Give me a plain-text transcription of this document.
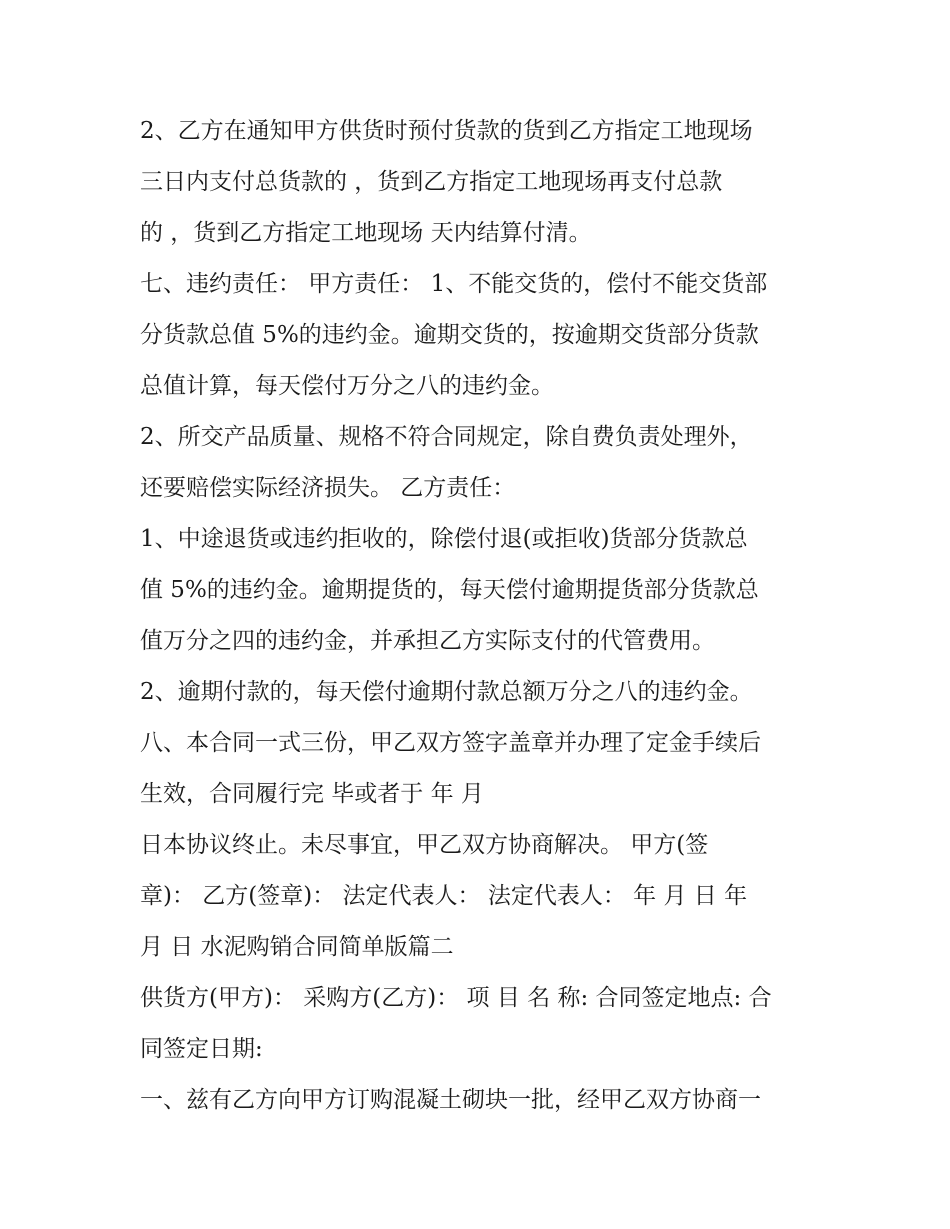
2、乙方在通知甲方供货时预付货款的货到乙方指定工地现场
三日内支付总货款的 ，货到乙方指定工地现场再支付总款
的 ，货到乙方指定工地现场 天内结算付清。
七、违约责任： 甲方责任： 1、不能交货的，偿付不能交货部
分货款总值 5%的违约金。逾期交货的，按逾期交货部分货款
总值计算，每天偿付万分之八的违约金。
2、所交产品质量、规格不符合同规定，除自费负责处理外，
还要赔偿实际经济损失。 乙方责任：
1、中途退货或违约拒收的，除偿付退(或拒收)货部分货款总
值 5%的违约金。逾期提货的，每天偿付逾期提货部分货款总
值万分之四的违约金，并承担乙方实际支付的代管费用。
2、逾期付款的，每天偿付逾期付款总额万分之八的违约金。
八、本合同一式三份，甲乙双方签字盖章并办理了定金手续后
生效，合同履行完 毕或者于 年 月
日本协议终止。未尽事宜，甲乙双方协商解决。 甲方(签
章)： 乙方(签章)： 法定代表人： 法定代表人： 年 月 日 年
月 日 水泥购销合同简单版篇二
供货方(甲方)： 采购方(乙方)： 项 目 名 称: 合同签定地点: 合
同签定日期:
一、兹有乙方向甲方订购混凝土砌块一批，经甲乙双方协商一
